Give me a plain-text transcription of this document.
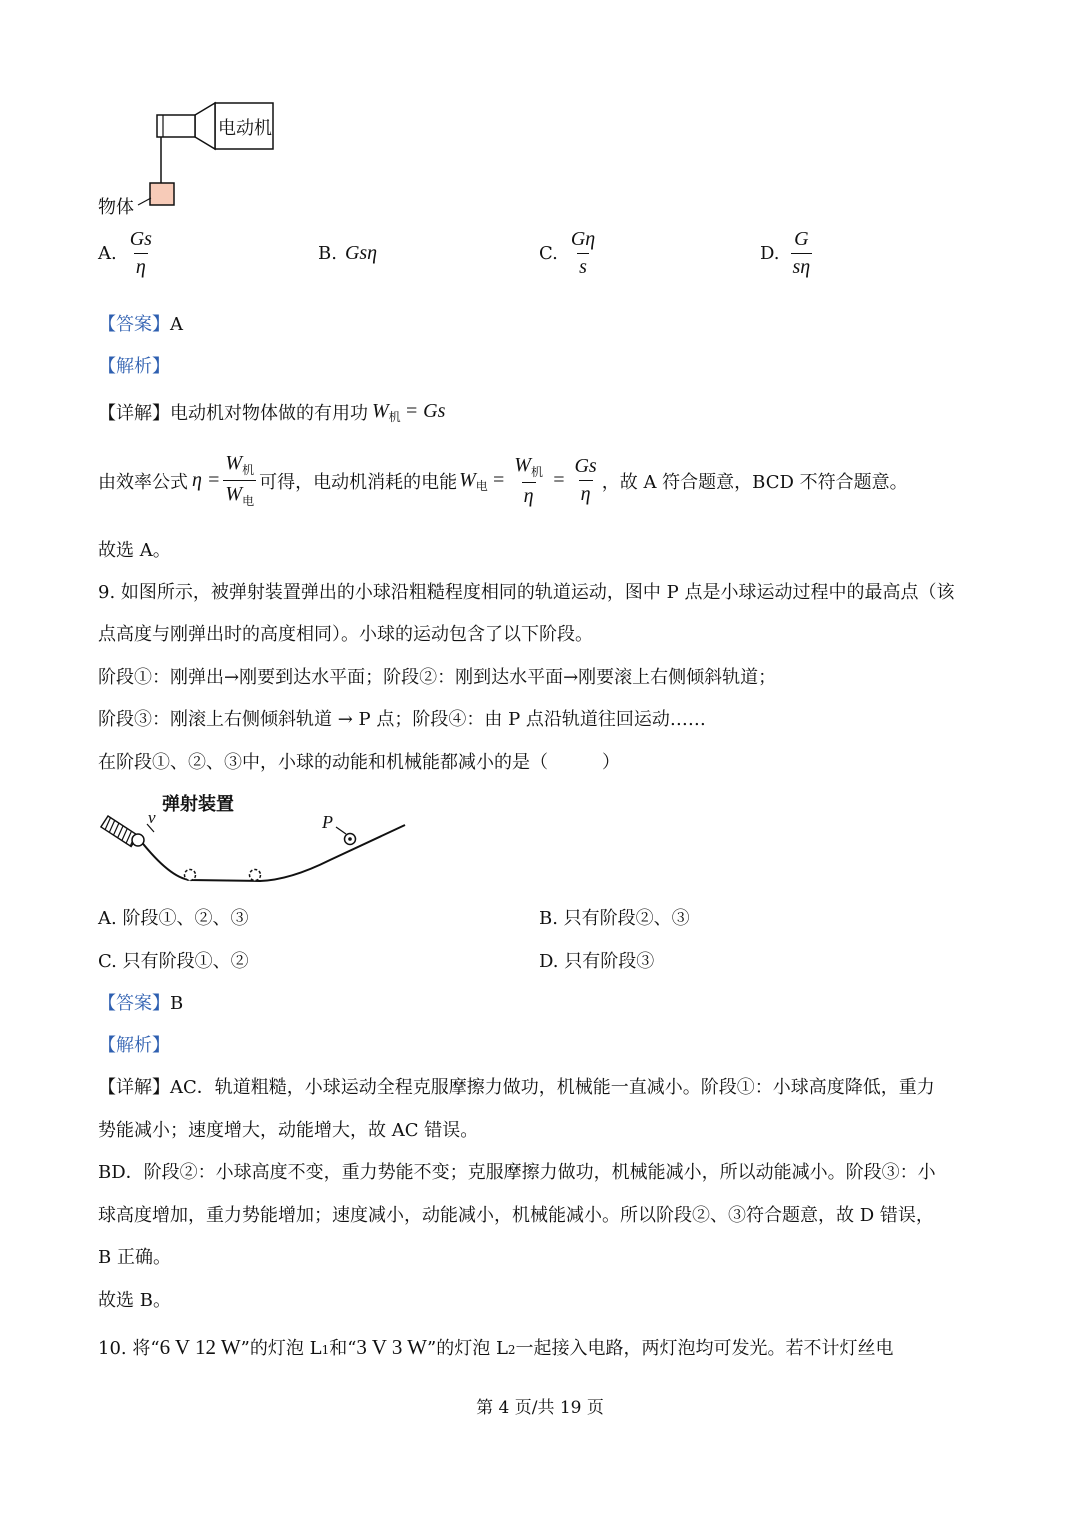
电动机
物体
A. $\frac{Gs}{\eta}$	B. Gsη	C. $\frac{G\eta}{s}$	D. $\frac{G}{s\eta}$
【答案】A
【解析】
【详解】 电动机对物体做的有用功 $W_机 = Gs$
由效率公式 $\eta = \frac{W_机}{W_电}$ 可得，电动机消耗的电能 $W_电 = \frac{W_机}{\eta} = \frac{Gs}{\eta}$ ，故 A 符合题意，BCD 不符合题意。
故选 A。
9. 如图所示，被弹射装置弹出的小球沿粗糙程度相同的轨道运动，图中 P 点是小球运动过程中的最高点（该
点高度与刚弹出时的高度相同）。小球的运动包含了以下阶段。
阶段①：刚弹出→刚要到达水平面；阶段②：刚到达水平面→刚要滚上右侧倾斜轨道；
阶段③：刚滚上右侧倾斜轨道 → P 点；阶段④：由 P 点沿轨道往回运动……
在阶段①、②、③中，小球的动能和机械能都减小的是（　　　）
弹射装置
v	P
A. 阶段①、②、③	B. 只有阶段②、③
C. 只有阶段①、②	D. 只有阶段③
【答案】B
【解析】
【详解】AC．轨道粗糙，小球运动全程克服摩擦力做功，机械能一直减小。阶段①：小球高度降低，重力
势能减小；速度增大，动能增大，故 AC 错误。
BD．阶段②：小球高度不变，重力势能不变；克服摩擦力做功，机械能减小，所以动能减小。阶段③：小
球高度增加，重力势能增加；速度减小，动能减小，机械能减小。所以阶段②、③符合题意，故 D 错误，
B 正确。
故选 B。
10. 将“ 6 V 12 W ”的灯泡 L 1 和“ 3 V 3 W ”的灯泡 L 2 一起接入电路，两灯泡均可发光。若不计灯丝电
第 4 页/共 19 页
